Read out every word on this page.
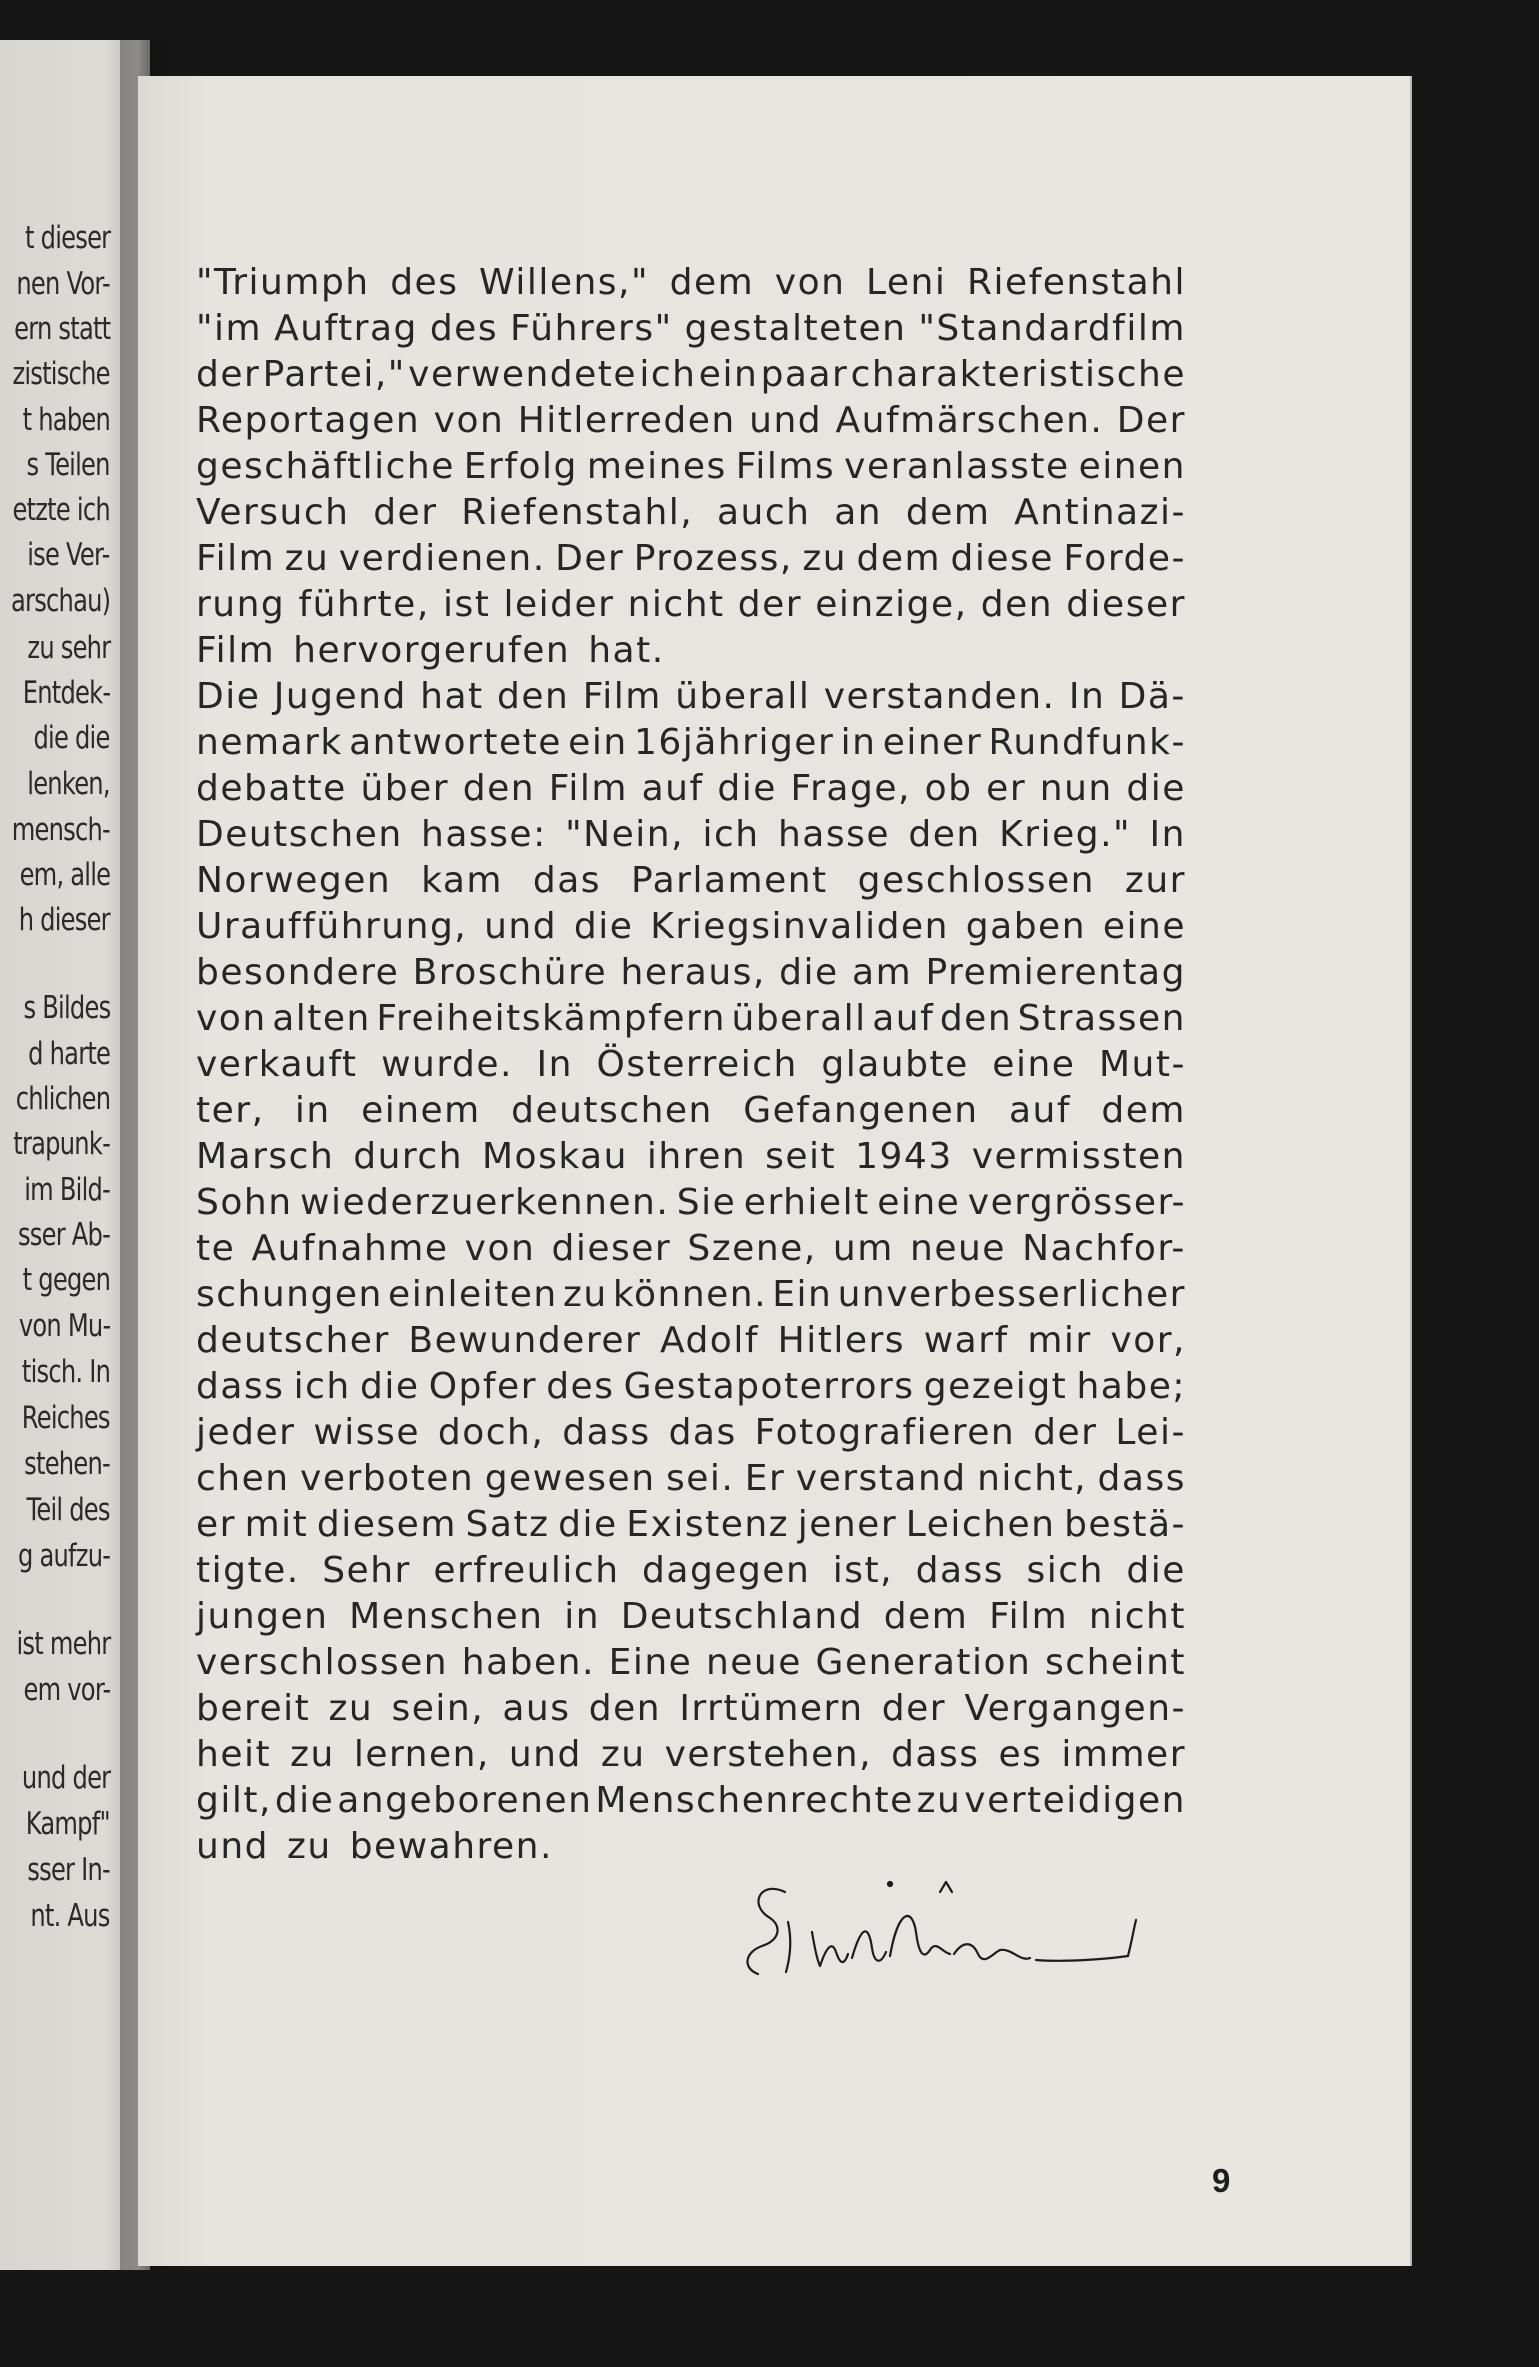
t dieser
nen Vor-
ern statt
zistische
t haben
s Teilen
etzte ich
ise Ver-
arschau)
zu sehr
Entdek-
die die
lenken,
mensch-
em, alle
h dieser
s Bildes
d harte
chlichen
trapunk-
im Bild-
sser Ab-
t gegen
von Mu-
tisch. In
Reiches
stehen-
Teil des
g aufzu-
ist mehr
em vor-
und der
Kampf"
sser In-
nt. Aus
"Triumph des Willens," dem von Leni Riefenstahl
"im Auftrag des Führers" gestalteten "Standardfilm
der Partei," verwendete ich ein paar charakteristische
Reportagen von Hitlerreden und Aufmärschen. Der
geschäftliche Erfolg meines Films veranlasste einen
Versuch der Riefenstahl, auch an dem Antinazi-
Film zu verdienen. Der Prozess, zu dem diese Forde-
rung führte, ist leider nicht der einzige, den dieser
Film hervorgerufen hat.
Die Jugend hat den Film überall verstanden. In Dä-
nemark antwortete ein 16jähriger in einer Rundfunk-
debatte über den Film auf die Frage, ob er nun die
Deutschen hasse: "Nein, ich hasse den Krieg." In
Norwegen kam das Parlament geschlossen zur
Uraufführung, und die Kriegsinvaliden gaben eine
besondere Broschüre heraus, die am Premierentag
von alten Freiheitskämpfern überall auf den Strassen
verkauft wurde. In Österreich glaubte eine Mut-
ter, in einem deutschen Gefangenen auf dem
Marsch durch Moskau ihren seit 1943 vermissten
Sohn wiederzuerkennen. Sie erhielt eine vergrösser-
te Aufnahme von dieser Szene, um neue Nachfor-
schungen einleiten zu können. Ein unverbesserlicher
deutscher Bewunderer Adolf Hitlers warf mir vor,
dass ich die Opfer des Gestapoterrors gezeigt habe;
jeder wisse doch, dass das Fotografieren der Lei-
chen verboten gewesen sei. Er verstand nicht, dass
er mit diesem Satz die Existenz jener Leichen bestä-
tigte. Sehr erfreulich dagegen ist, dass sich die
jungen Menschen in Deutschland dem Film nicht
verschlossen haben. Eine neue Generation scheint
bereit zu sein, aus den Irrtümern der Vergangen-
heit zu lernen, und zu verstehen, dass es immer
gilt, die angeborenen Menschenrechte zu verteidigen
und zu bewahren.
9
